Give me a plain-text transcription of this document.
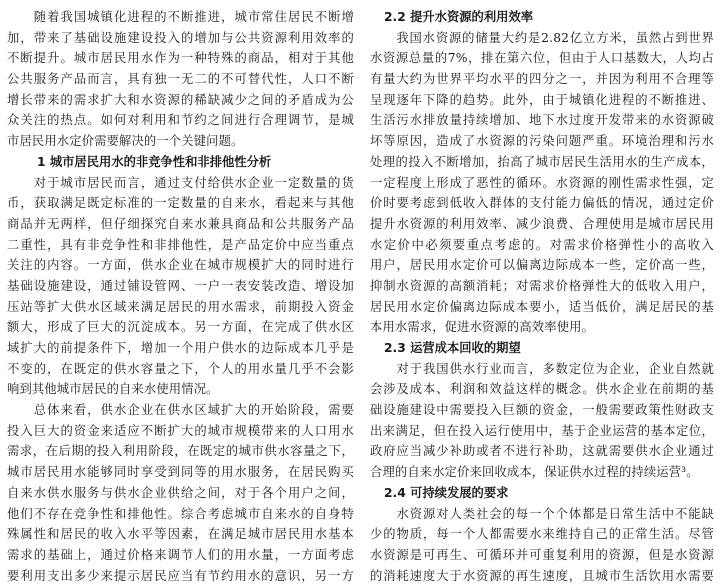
　　随着我国城镇化进程的不断推进，城市常住居民不断增
加，带来了基础设施建设投入的增加与公共资源利用效率的
不断提升。城市居民用水作为一种特殊的商品，相对于其他
公共服务产品而言，具有独一无二的不可替代性，人口不断
增长带来的需求扩大和水资源的稀缺减少之间的矛盾成为公
众关注的热点。如何对利用和节约之间进行合理调节，是城
市居民用水定价需要解决的一个关键问题。
1 城市居民用水的非竞争性和非排他性分析
　　对于城市居民而言，通过支付给供水企业一定数量的货
币，获取满足既定标准的一定数量的自来水，看起来与其他
商品并无两样，但仔细探究自来水兼具商品和公共服务产品
二重性，具有非竞争性和非排他性，是产品定价中应当重点
关注的内容。一方面，供水企业在城市规模扩大的同时进行
基础设施建设，通过铺设管网、一户一表安装改造、增设加
压站等扩大供水区域来满足居民的用水需求，前期投入资金
额大，形成了巨大的沉淀成本。另一方面，在完成了供水区
域扩大的前提条件下，增加一个用户供水的边际成本几乎是
不变的，在既定的供水容量之下，个人的用水量几乎不会影
响到其他城市居民的自来水使用情况。
　　总体来看，供水企业在供水区域扩大的开始阶段，需要
投入巨大的资金来适应不断扩大的城市规模带来的人口用水
需求，在后期的投入利用阶段，在既定的城市供水容量之下，
城市居民用水能够同时享受到同等的用水服务，在居民购买
自来水供水服务与供水企业供给之间，对于各个用户之间，
他们不存在竞争性和排他性。综合考虑城市自来水的自身特
殊属性和居民的收入水平等因素，在满足城市居民用水基本
需求的基础上，通过价格来调节人们的用水量，一方面考虑
要利用支出多少来提示居民应当有节约用水的意识，另一方
2.2 提升水资源的利用效率
　　我国水资源的储量大约是2.82亿立方米，虽然占到世界
水资源总量的7%，排在第六位，但由于人口基数大，人均占
有量大约为世界平均水平的四分之一，并因为利用不合理等
呈现逐年下降的趋势。此外，由于城镇化进程的不断推进、
生活污水排放量持续增加、地下水过度开发带来的水资源破
坏等原因，造成了水资源的污染问题严重。环境治理和污水
处理的投入不断增加，抬高了城市居民生活用水的生产成本，
一定程度上形成了恶性的循环。水资源的刚性需求性强，定
价时要考虑到低收入群体的支付能力偏低的情况，通过定价
提升水资源的利用效率、减少浪费、合理使用是城市居民用
水定价中必须要重点考虑的。对需求价格弹性小的高收入
用户，居民用水定价可以偏离边际成本一些，定价高一些，
抑制水资源的高额消耗；对需求价格弹性大的低收入用户，
居民用水定价偏离边际成本要小，适当低价，满足居民的基
本用水需求，促进水资源的高效率使用。
2.3 运营成本回收的期望
　　对于我国供水行业而言，多数定位为企业，企业自然就
会涉及成本、利润和效益这样的概念。供水企业在前期的基
础设施建设中需要投入巨额的资金，一般需要政策性财政支
出来满足，但在投入运行使用中，基于企业运营的基本定位，
政府应当减少补助或者不进行补助，这就需要供水企业通过
合理的自来水定价来回收成本，保证供水过程的持续运营³。
2.4 可持续发展的要求
　　水资源对人类社会的每一个个体都是日常生活中不能缺
少的物质，每一个人都需要水来维持自己的正常生活。尽管
水资源是可再生、可循环并可重复利用的资源，但是水资源
的消耗速度大于水资源的再生速度，且城市生活饮用水需要
